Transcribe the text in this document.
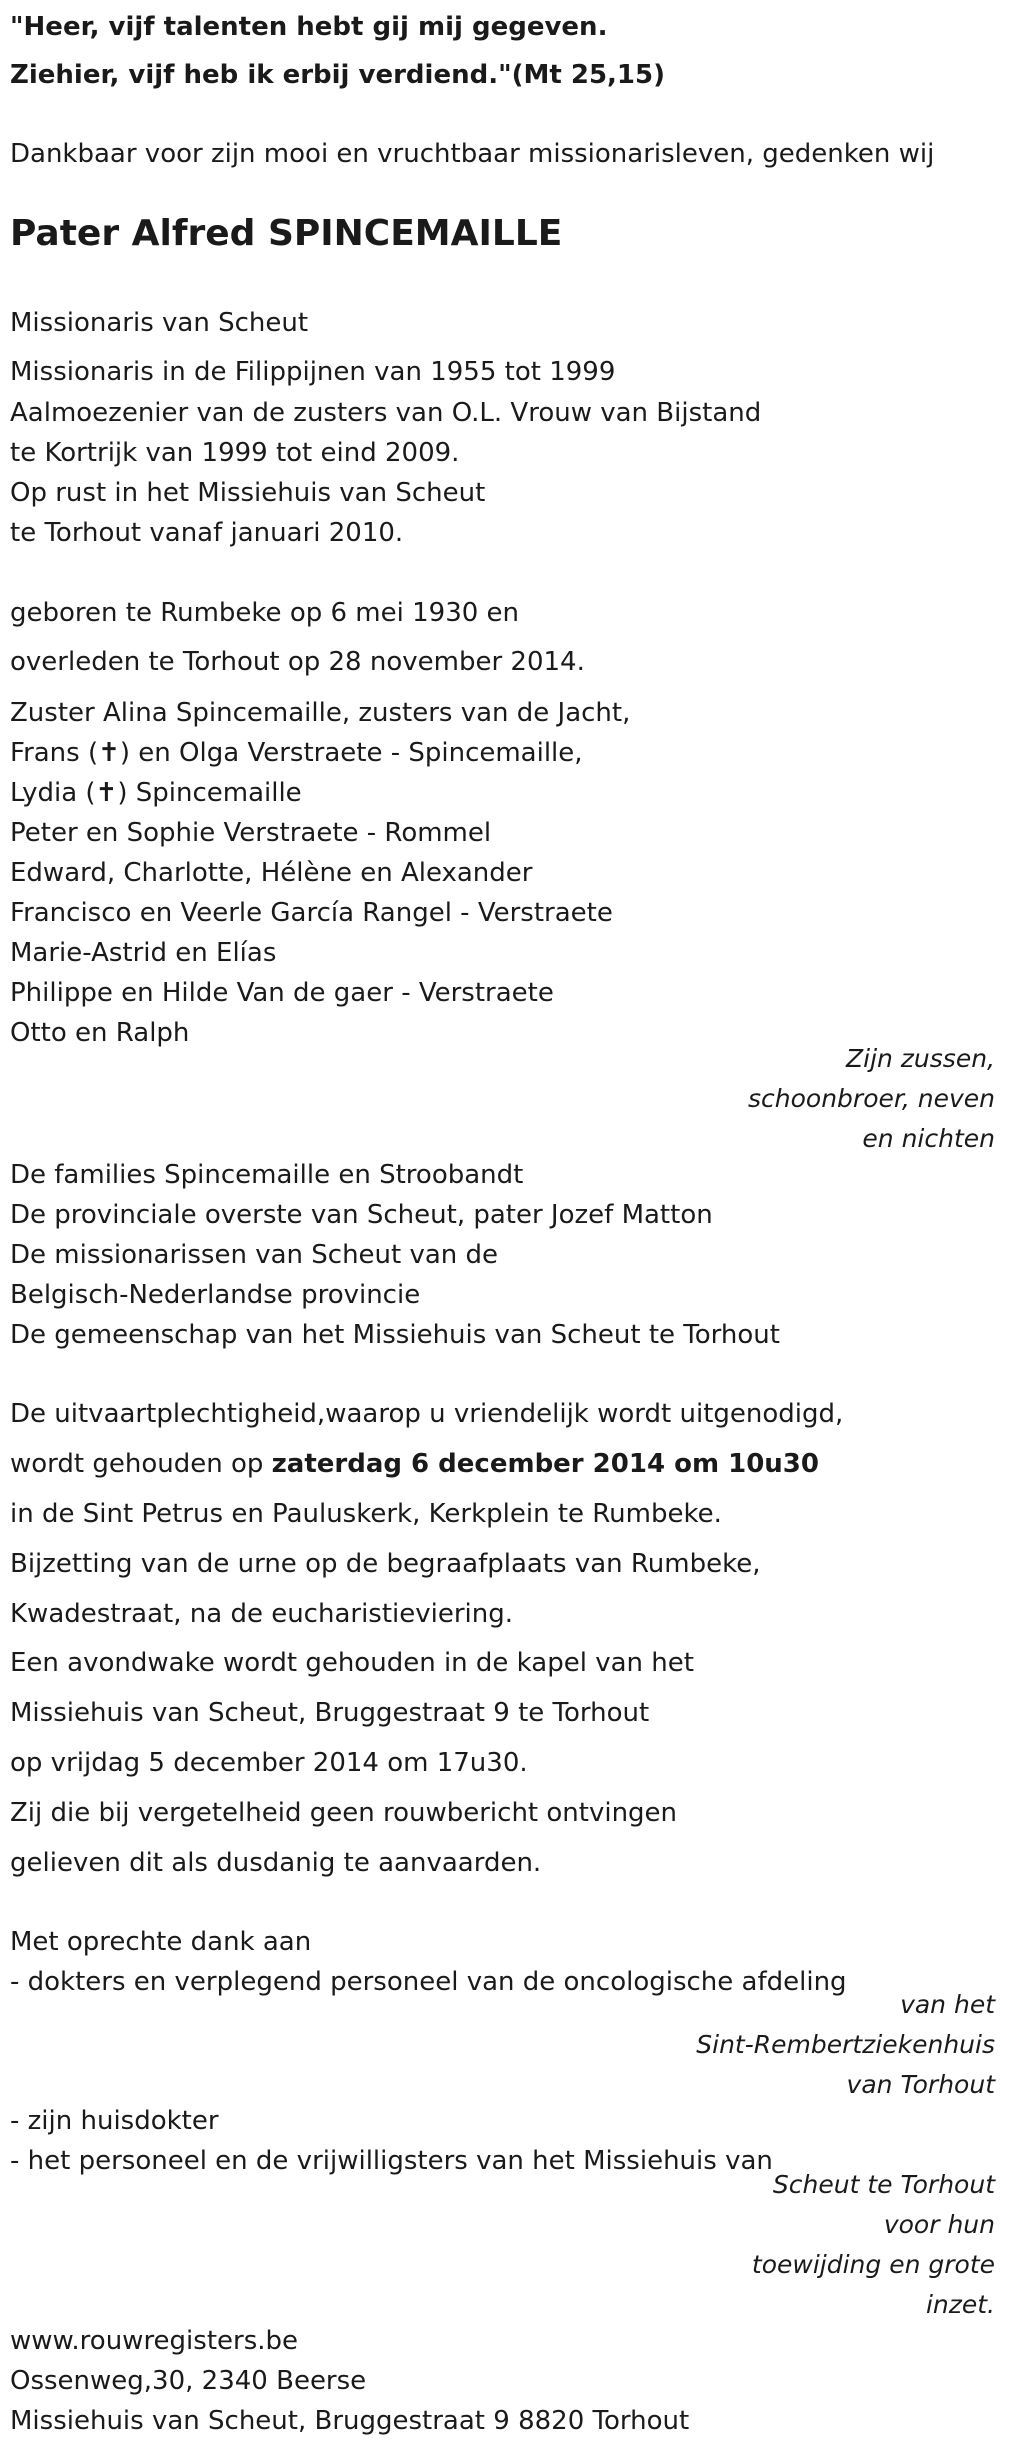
"Heer, vijf talenten hebt gij mij gegeven.
Ziehier, vijf heb ik erbij verdiend."(Mt 25,15)
Dankbaar voor zijn mooi en vruchtbaar missionarisleven, gedenken wij
Pater Alfred SPINCEMAILLE
Missionaris van Scheut
Missionaris in de Filippijnen van 1955 tot 1999
Aalmoezenier van de zusters van O.L. Vrouw van Bijstand
te Kortrijk van 1999 tot eind 2009.
Op rust in het Missiehuis van Scheut
te Torhout vanaf januari 2010.
geboren te Rumbeke op 6 mei 1930 en
overleden te Torhout op 28 november 2014.
Zuster Alina Spincemaille, zusters van de Jacht,
Frans (✝) en Olga Verstraete - Spincemaille,
Lydia (✝) Spincemaille
Peter en Sophie Verstraete - Rommel
Edward, Charlotte, Hélène en Alexander
Francisco en Veerle García Rangel - Verstraete
Marie-Astrid en Elías
Philippe en Hilde Van de gaer - Verstraete
Otto en Ralph
Zijn zussen,
schoonbroer, neven
en nichten
De families Spincemaille en Stroobandt
De provinciale overste van Scheut, pater Jozef Matton
De missionarissen van Scheut van de
Belgisch-Nederlandse provincie
De gemeenschap van het Missiehuis van Scheut te Torhout
De uitvaartplechtigheid,waarop u vriendelijk wordt uitgenodigd,
wordt gehouden op zaterdag 6 december 2014 om 10u30
in de Sint Petrus en Pauluskerk, Kerkplein te Rumbeke.
Bijzetting van de urne op de begraafplaats van Rumbeke,
Kwadestraat, na de eucharistieviering.
Een avondwake wordt gehouden in de kapel van het
Missiehuis van Scheut, Bruggestraat 9 te Torhout
op vrijdag 5 december 2014 om 17u30.
Zij die bij vergetelheid geen rouwbericht ontvingen
gelieven dit als dusdanig te aanvaarden.
Met oprechte dank aan
- dokters en verplegend personeel van de oncologische afdeling
van het
Sint-Rembertziekenhuis
van Torhout
- zijn huisdokter
- het personeel en de vrijwilligsters van het Missiehuis van
Scheut te Torhout
voor hun
toewijding en grote
inzet.
www.rouwregisters.be
Ossenweg,30, 2340 Beerse
Missiehuis van Scheut, Bruggestraat 9 8820 Torhout
